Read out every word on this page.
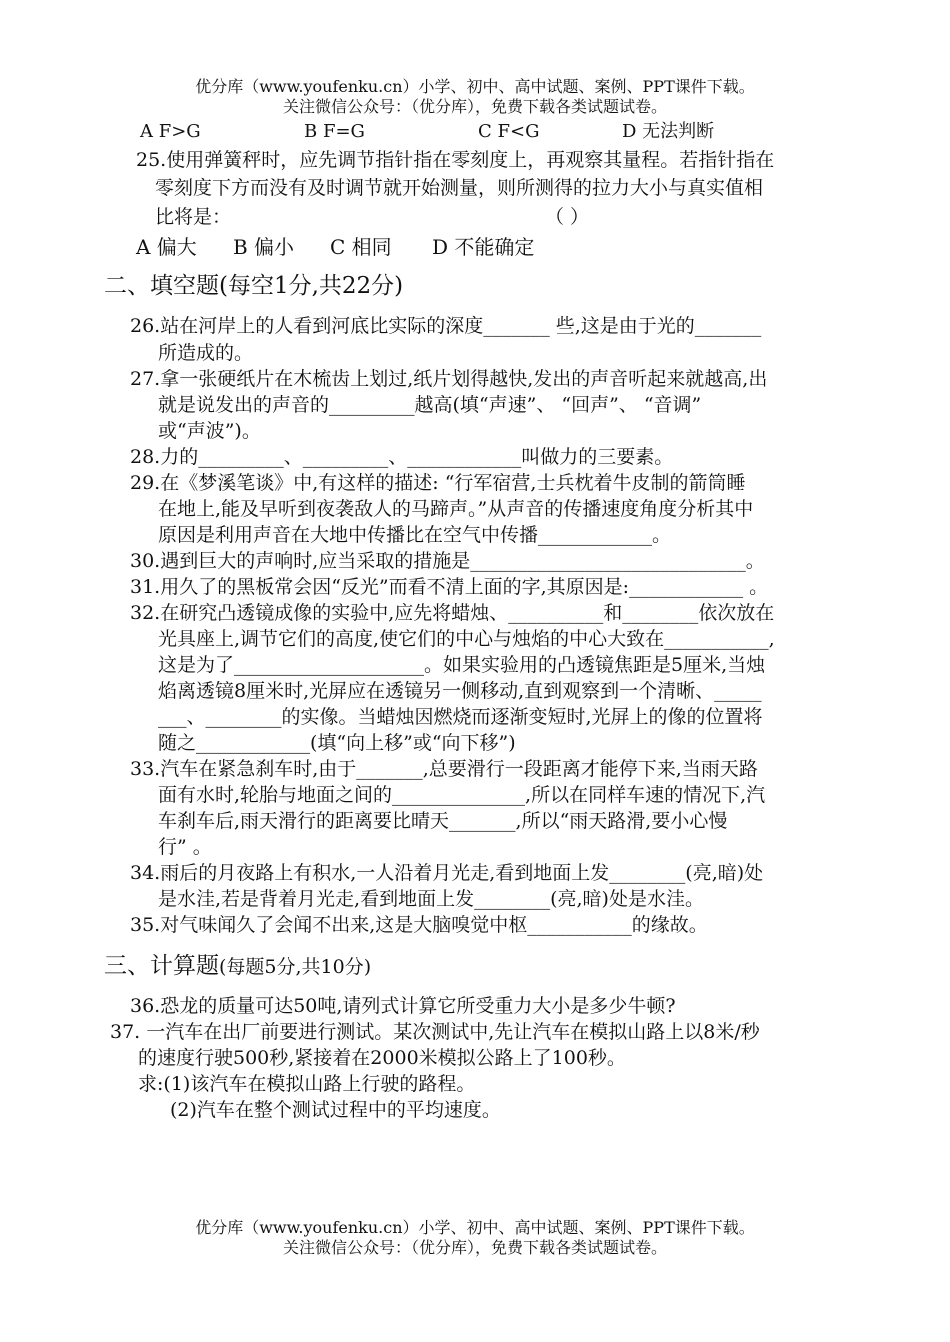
优分库（www.youfenku.cn）小学、初中、高中试题、案例、PPT课件下载。
关注微信公众号：（优分库），免费下载各类试题试卷。
A F>G	B F=G	C F<G	D 无法判断
25.使用弹簧秤时，应先调节指针指在零刻度上，再观察其量程。若指针指在
零刻度下方而没有及时调节就开始测量，则所测得的拉力大小与真实值相
比将是：	（ ）
A 偏大 B 偏小 C 相同 D 不能确定
二、填空题(每空1分,共22分)
26.站在河岸上的人看到河底比实际的深度_______ 些,这是由于光的_______
所造成的。
27.拿一张硬纸片在木梳齿上划过,纸片划得越快,发出的声音听起来就越高,出
就是说发出的声音的_________越高(填“声速”、 “回声”、 “音调”
或“声波”)。
28.力的_________、_________、____________叫做力的三要素。
29.在《梦溪笔谈》中,有这样的描述: “行军宿营,士兵枕着牛皮制的箭筒睡
在地上,能及早听到夜袭敌人的马蹄声。”从声音的传播速度角度分析其中
原因是利用声音在大地中传播比在空气中传播____________。
30.遇到巨大的声响时,应当采取的措施是_____________________________。
31.用久了的黑板常会因“反光”而看不清上面的字,其原因是:____________ 。
32.在研究凸透镜成像的实验中,应先将蜡烛、__________和________依次放在
光具座上,调节它们的高度,使它们的中心与烛焰的中心大致在___________,
这是为了____________________。如果实验用的凸透镜焦距是5厘米,当烛
焰离透镜8厘米时,光屏应在透镜另一侧移动,直到观察到一个清晰、_____
___、________的实像。当蜡烛因燃烧而逐渐变短时,光屏上的像的位置将
随之____________(填“向上移”或“向下移”)
33.汽车在紧急刹车时,由于_______,总要滑行一段距离才能停下来,当雨天路
面有水时,轮胎与地面之间的______________,所以在同样车速的情况下,汽
车刹车后,雨天滑行的距离要比晴天_______,所以“雨天路滑,要小心慢
行” 。
34.雨后的月夜路上有积水,一人沿着月光走,看到地面上发________(亮,暗)处
是水洼,若是背着月光走,看到地面上发________(亮,暗)处是水洼。
35.对气味闻久了会闻不出来,这是大脑嗅觉中枢___________的缘故。
三、计算题(每题5分,共10分)
36.恐龙的质量可达50吨,请列式计算它所受重力大小是多少牛顿?
37. 一汽车在出厂前要进行测试。某次测试中,先让汽车在模拟山路上以8米/秒
的速度行驶500秒,紧接着在2000米模拟公路上了100秒。
求:(1)该汽车在模拟山路上行驶的路程。
(2)汽车在整个测试过程中的平均速度。
优分库（www.youfenku.cn）小学、初中、高中试题、案例、PPT课件下载。
关注微信公众号：（优分库），免费下载各类试题试卷。
